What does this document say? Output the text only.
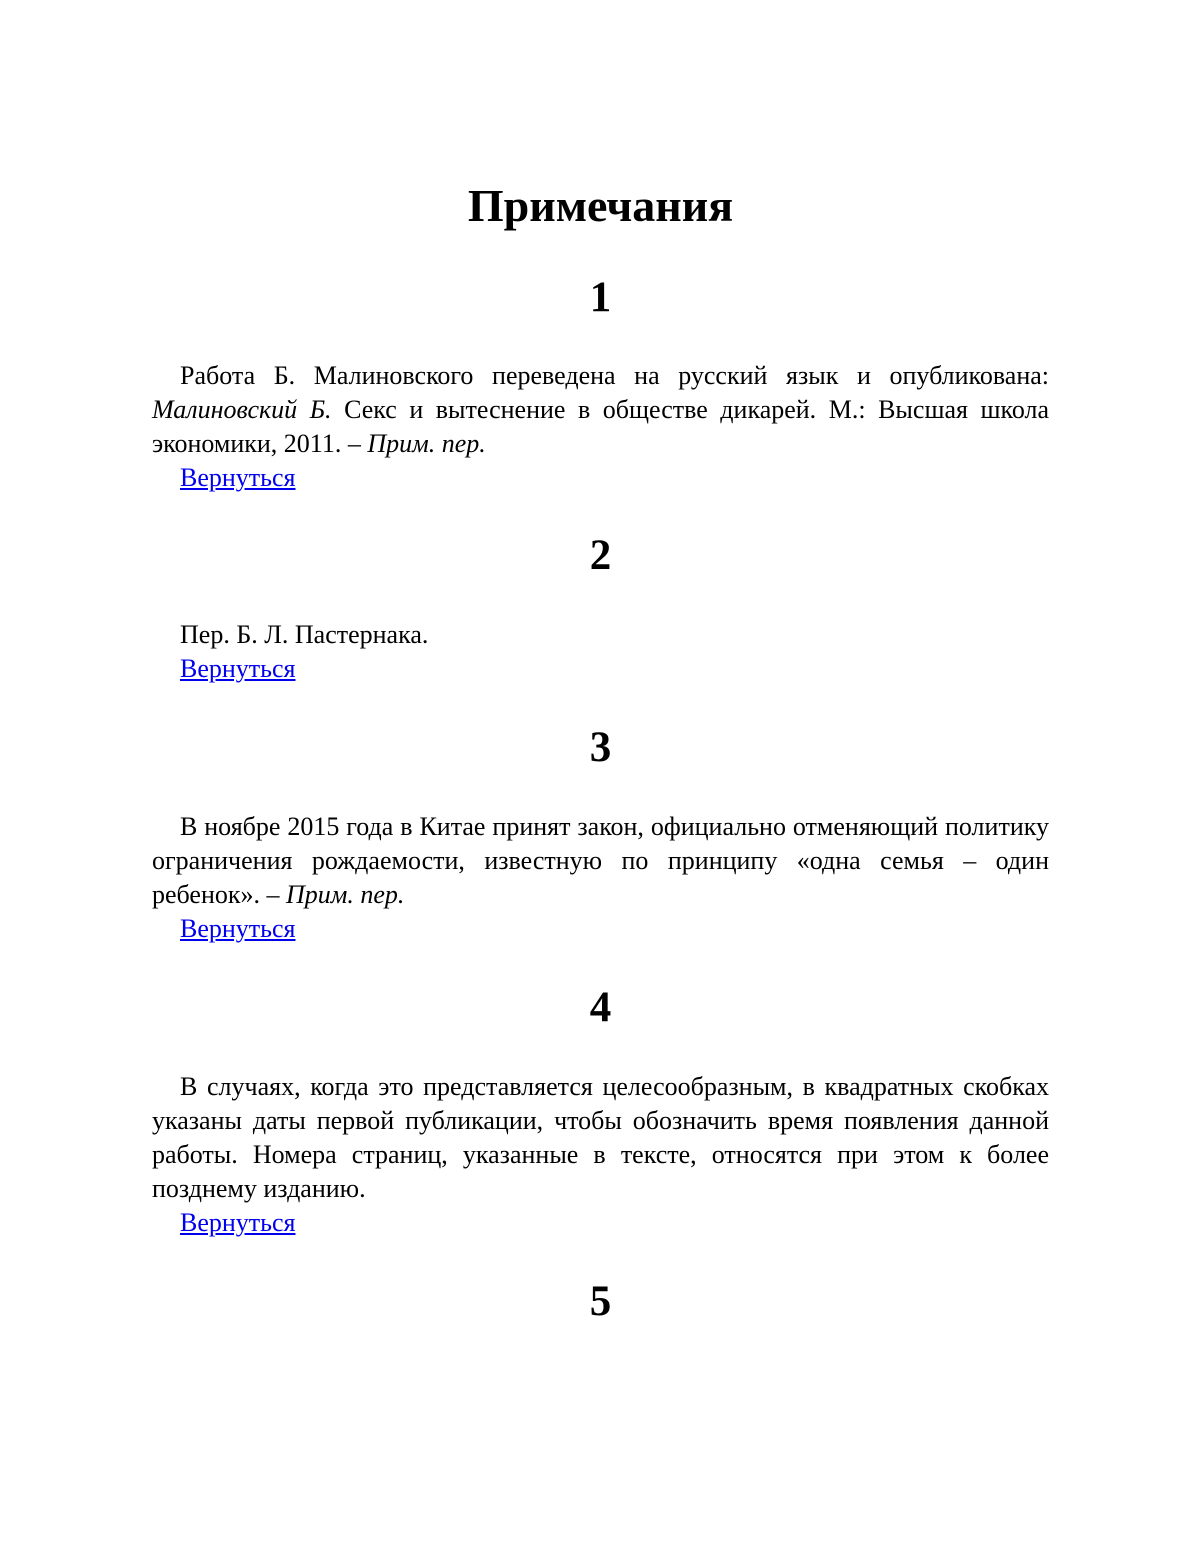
Примечания
1

Работа Б. Малиновского переведена на русский язык и опубликована: Малиновский Б. Секс и вытеснение в обществе дикарей. М.: Высшая школа экономики, 2011. – Прим. пер.

Вернуться
2

Пер. Б. Л. Пастернака.

Вернуться
3

В ноябре 2015 года в Китае принят закон, официально отменяющий политику ограничения рождаемости, известную по принципу «одна семья – один ребенок». – Прим. пер.

Вернуться
4

В случаях, когда это представляется целесообразным, в квадратных скобках указаны даты первой публикации, чтобы обозначить время появления данной работы. Номера страниц, указанные в тексте, относятся при этом к более позднему изданию.

Вернуться
5
